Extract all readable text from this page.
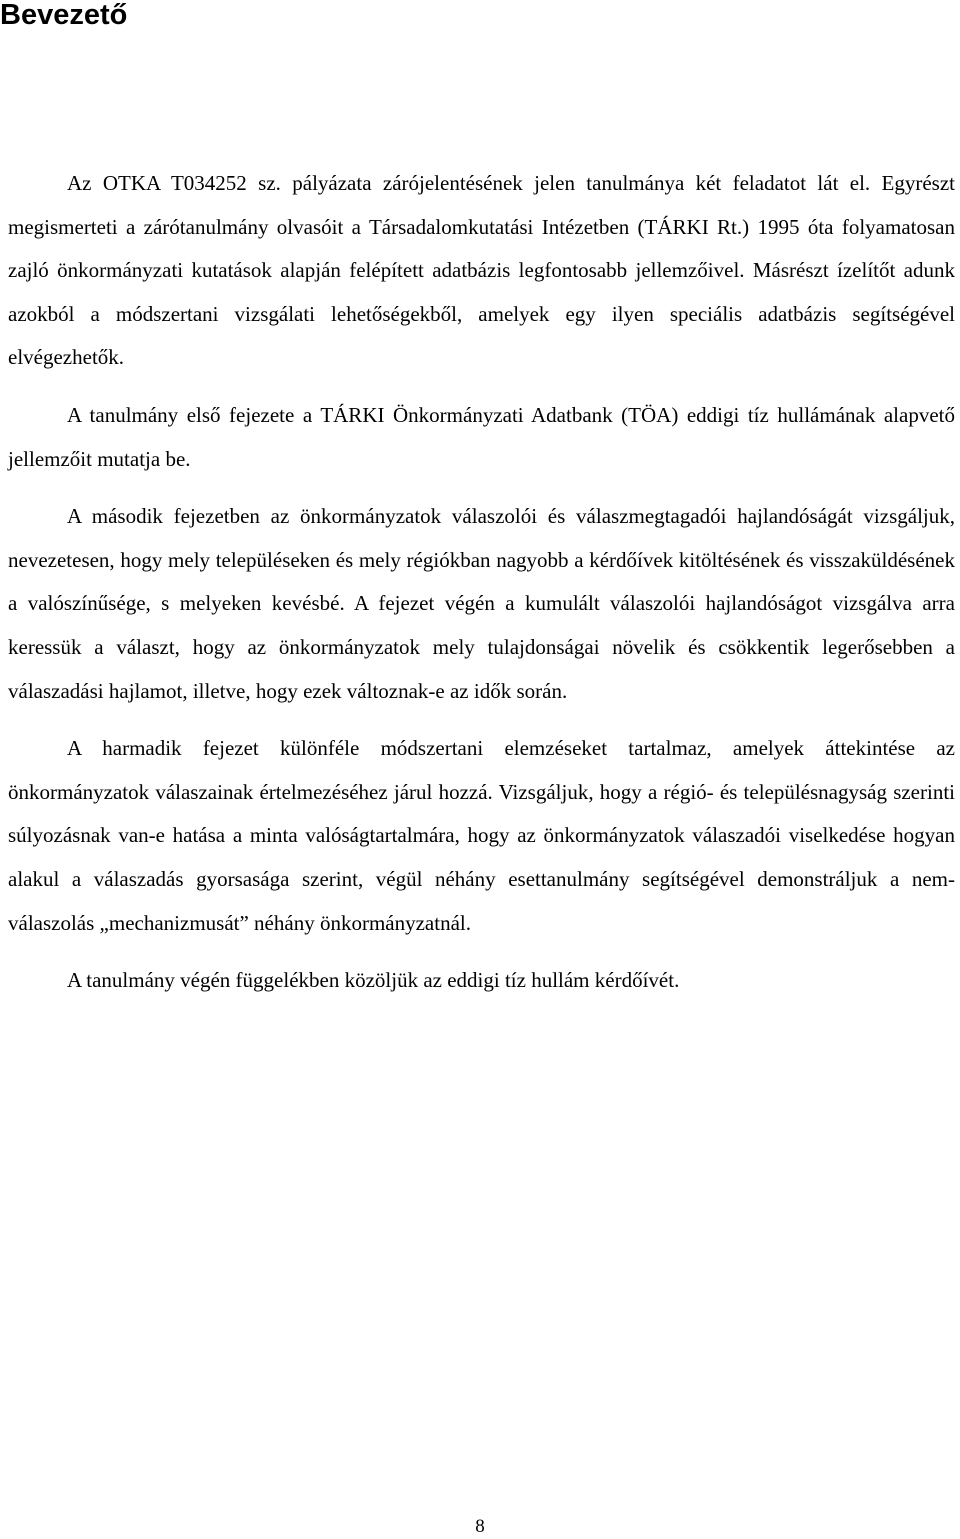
Bevezető

Az OTKA T034252 sz. pályázata zárójelentésének jelen tanulmánya két feladatot lát el. Egyrészt megismerteti a zárótanulmány olvasóit a Társadalomkutatási Intézetben (TÁRKI Rt.) 1995 óta folyamatosan zajló önkormányzati kutatások alapján felépített adatbázis legfontosabb jellemzőivel. Másrészt ízelítőt adunk azokból a módszertani vizsgálati lehetőségekből, amelyek egy ilyen speciális adatbázis segítségével elvégezhetők.

A tanulmány első fejezete a TÁRKI Önkormányzati Adatbank (TÖA) eddigi tíz hullámának alapvető jellemzőit mutatja be.

A második fejezetben az önkormányzatok válaszolói és válaszmegtagadói hajlandóságát vizsgáljuk, nevezetesen, hogy mely településeken és mely régiókban nagyobb a kérdőívek kitöltésének és visszaküldésének a valószínűsége, s melyeken kevésbé. A fejezet végén a kumulált válaszolói hajlandóságot vizsgálva arra keressük a választ, hogy az önkormányzatok mely tulajdonságai növelik és csökkentik legerősebben a válaszadási hajlamot, illetve, hogy ezek változnak-e az idők során.

A harmadik fejezet különféle módszertani elemzéseket tartalmaz, amelyek áttekintése az önkormányzatok válaszainak értelmezéséhez járul hozzá. Vizsgáljuk, hogy a régió- és településnagyság szerinti súlyozásnak van-e hatása a minta valóságtartalmára, hogy az önkormányzatok válaszadói viselkedése hogyan alakul a válaszadás gyorsasága szerint, végül néhány esettanulmány segítségével demonstráljuk a nem-válaszolás „mechanizmusát” néhány önkormányzatnál.

A tanulmány végén függelékben közöljük az eddigi tíz hullám kérdőívét.

8
